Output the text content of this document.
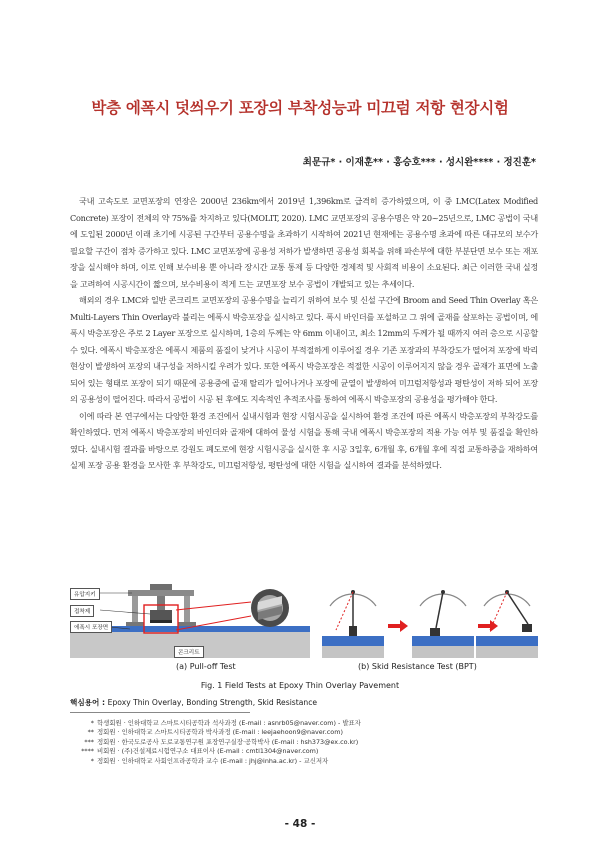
박층 에폭시 덧씌우기 포장의 부착성능과 미끄럼 저항 현장시험
최문규* · 이재훈** · 홍승호*** · 성시완**** · 정진훈*

국내 고속도로 교면포장의 연장은 2000년 236km에서 2019년 1,396km로 급격히 증가하였으며, 이 중 LMC(Latex Modified Concrete) 포장이 전체의 약 75%를 차지하고 있다(MOLIT, 2020). LMC 교면포장의 공용수명은 약 20~25년으로, LMC 공법이 국내에 도입된 2000년 이래 초기에 시공된 구간부터 공용수명을 초과하기 시작하여 2021년 현재에는 공용수명 초과에 따른 대규모의 보수가 필요할 구간이 점차 증가하고 있다. LMC 교면포장에 공용성 저하가 발생하면 공용성 회복을 위해 파손부에 대한 부분단면 보수 또는 재포장을 실시해야 하며, 이로 인해 보수비용 뿐 아니라 장시간 교통 통제 등 다양한 경제적 및 사회적 비용이 소요된다. 최근 이러한 국내 실정을 고려하여 시공시간이 짧으며, 보수비용이 적게 드는 교면포장 보수 공법이 개발되고 있는 추세이다.

해외의 경우 LMC와 일반 콘크리트 교면포장의 공용수명을 늘리기 위하여 보수 및 신설 구간에 Broom and Seed Thin Overlay 혹은 Multi-Layers Thin Overlay라 불리는 에폭시 박층포장을 실시하고 있다. 폭시 바인더를 포설하고 그 위에 골재를 살포하는 공법이며, 에폭시 박층포장은 주로 2 Layer 포장으로 실시하며, 1층의 두께는 약 6mm 이내이고, 최소 12mm의 두께가 될 때까지 여러 층으로 시공할 수 있다. 에폭시 박층포장은 에폭시 제품의 품질이 낮거나 시공이 부적절하게 이루어질 경우 기존 포장과의 부착강도가 떨어져 포장에 박리현상이 발생하여 포장의 내구성을 저하시킬 우려가 있다. 또한 에폭시 박층포장은 적절한 시공이 이루어지지 않을 경우 골재가 표면에 노출되어 있는 형태로 포장이 되기 때문에 공용중에 골재 탈리가 일어나거나 포장에 균열이 발생하여 미끄럼저항성과 평탄성이 저하 되어 포장의 공용성이 떨어진다. 따라서 공법이 시공 된 후에도 지속적인 추적조사를 통하여 에폭시 박층포장의 공용성을 평가해야 한다.

이에 따라 본 연구에서는 다양한 환경 조건에서 실내시험과 현장 시험시공을 실시하여 환경 조건에 따른 에폭시 박층포장의 부착강도를 확인하였다. 먼저 에폭시 박층포장의 바인더와 골재에 대하여 물성 시험을 통해 국내 에폭시 박층포장의 적용 가능 여부 및 품질을 확인하였다. 실내시험 결과를 바탕으로 강원도 폐도로에 현장 시험시공을 실시한 후 시공 3일후, 6개월 후, 6개월 후에 직접 교통하중을 재하하여 실제 포장 공용 환경을 모사한 후 부착강도, 미끄럼저항성, 평탄성에 대한 시험을 실시하여 결과를 분석하였다.

유압지키
접착제
에폭시 포장면
콘크리트
(a) Pull-off Test	(b) Skid Resistance Test (BPT)
Fig. 1 Field Tests at Epoxy Thin Overlay Pavement
핵심용어 : Epoxy Thin Overlay, Bonding Strength, Skid Resistance
* 학생회원 · 인하대학교 스마트시티공학과 석사과정 (E-mail : asnrb05@naver.com) - 발표자
** 정회원 · 인하대학교 스마트시티공학과 박사과정 (E-mail : leejaehoon9@naver.com)
*** 정회원 · 한국도로공사 도로교통연구원 포장연구실장·공학박사 (E-mail : hsh373@ex.co.kr)
**** 비회원 · (주)건설제료시험연구소 대표이사 (E-mail : cmtl1304@naver.com)
* 정회원 · 인하대학교 사회인프라공학과 교수 (E-mail : jhj@inha.ac.kr) - 교신저자
- 48 -
